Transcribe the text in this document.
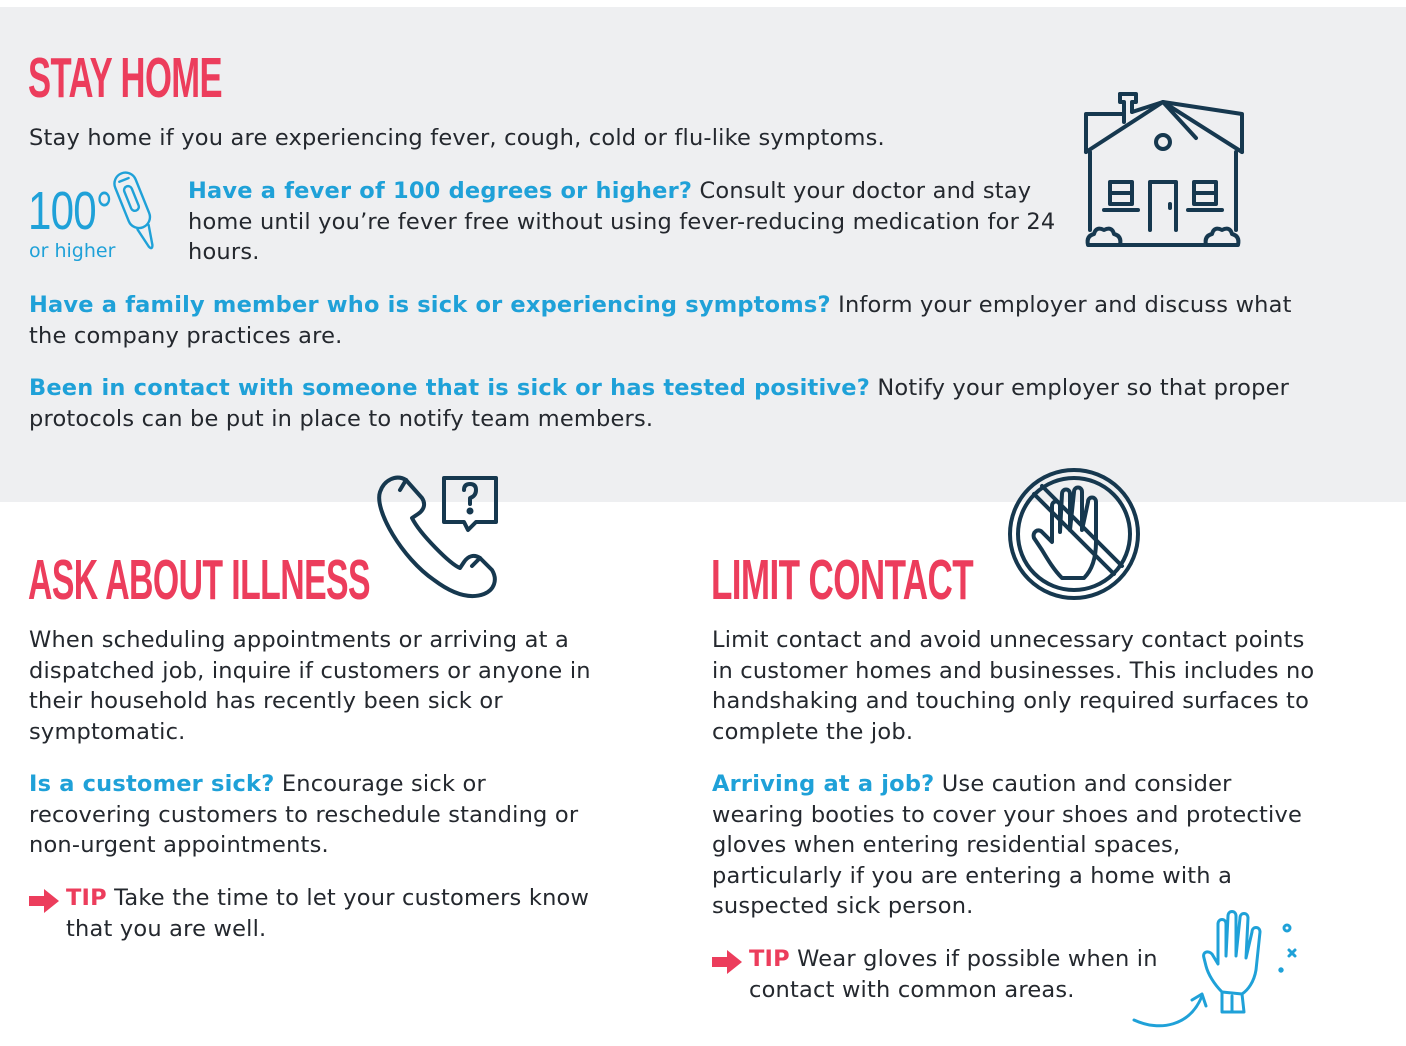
STAY HOME

Stay home if you are experiencing fever, cough, cold or flu-like symptoms.

100°
or higher

Have a fever of 100 degrees or higher? Consult your doctor and stay home until you’re fever free without using fever-reducing medication for 24 hours.

Have a family member who is sick or experiencing symptoms? Inform your employer and discuss what the company practices are.

Been in contact with someone that is sick or has tested positive? Notify your employer so that proper protocols can be put in place to notify team members.

ASK ABOUT ILLNESS

When scheduling appointments or arriving at a dispatched job, inquire if customers or anyone in their household has recently been sick or symptomatic.

Is a customer sick? Encourage sick or recovering customers to reschedule standing or non-urgent appointments.

TIP Take the time to let your customers know that you are well.

LIMIT CONTACT

Limit contact and avoid unnecessary contact points in customer homes and businesses. This includes no handshaking and touching only required surfaces to complete the job.

Arriving at a job? Use caution and consider wearing booties to cover your shoes and protective gloves when entering residential spaces, particularly if you are entering a home with a suspected sick person.

TIP Wear gloves if possible when in contact with common areas.
